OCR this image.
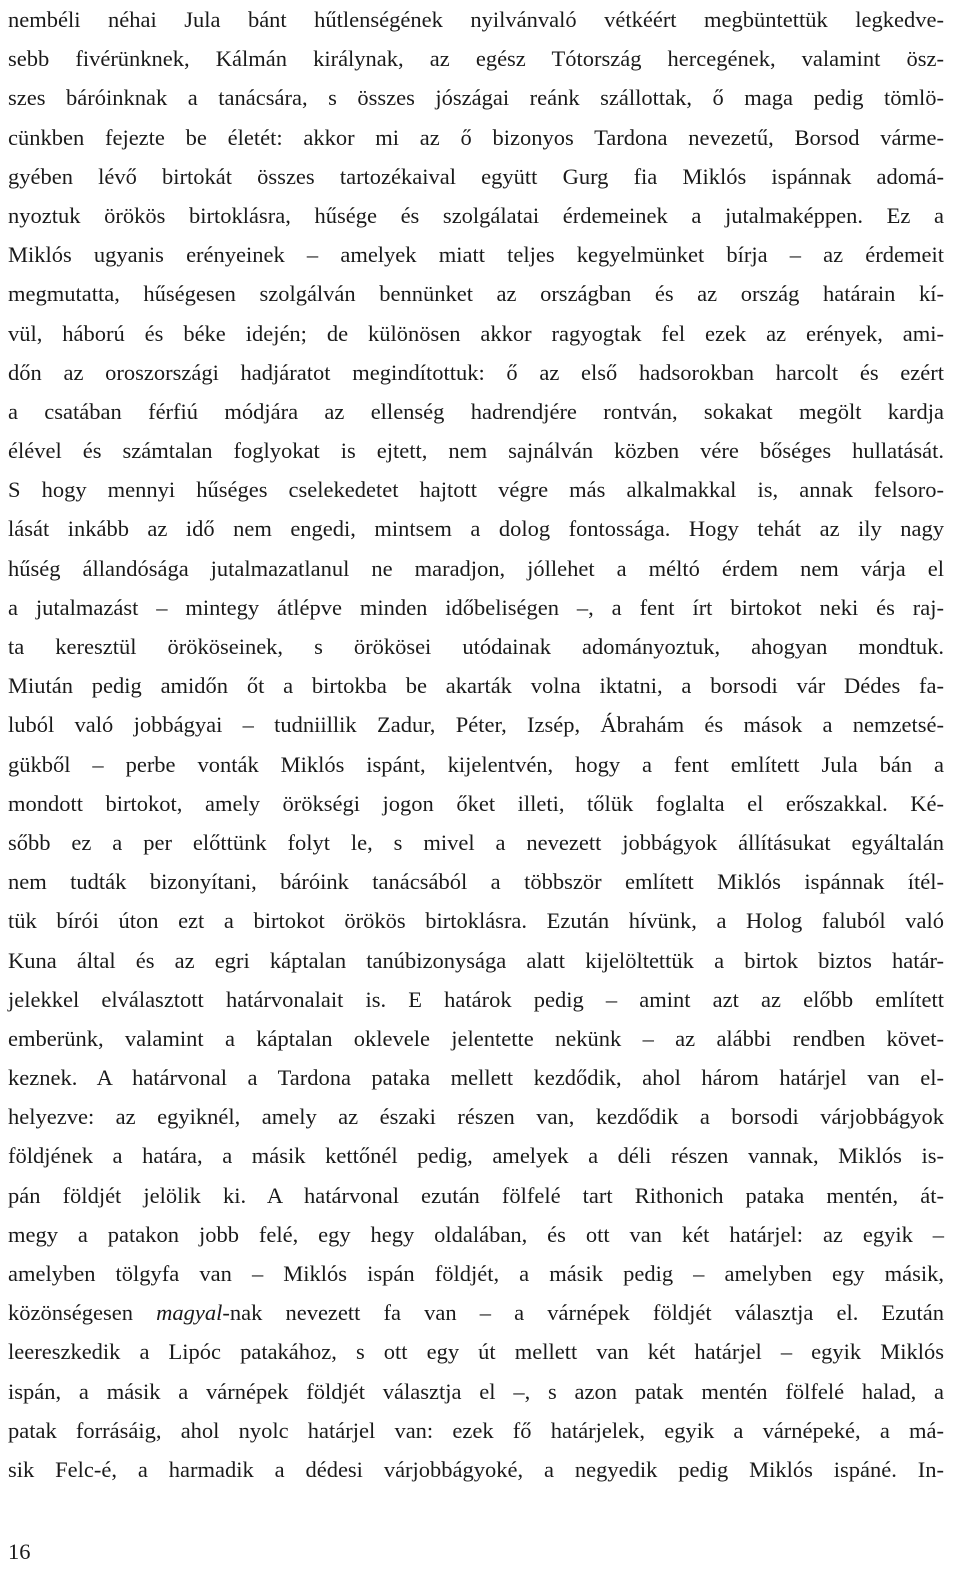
nembéli néhai Jula bánt hűtlenségének nyilvánvaló vétkéért megbüntettük legkedve-
sebb fivérünknek, Kálmán királynak, az egész Tótország hercegének, valamint ösz-
szes báróinknak a tanácsára, s összes jószágai reánk szállottak, ő maga pedig tömlö-
cünkben fejezte be életét: akkor mi az ő bizonyos Tardona nevezetű, Borsod várme-
gyében lévő birtokát összes tartozékaival együtt Gurg fia Miklós ispánnak adomá-
nyoztuk örökös birtoklásra, hűsége és szolgálatai érdemeinek a jutalmaképpen. Ez a
Miklós ugyanis erényeinek – amelyek miatt teljes kegyelmünket bírja – az érdemeit
megmutatta, hűségesen szolgálván bennünket az országban és az ország határain kí-
vül, háború és béke idején; de különösen akkor ragyogtak fel ezek az erények, ami-
dőn az oroszországi hadjáratot megindítottuk: ő az első hadsorokban harcolt és ezért
a csatában férfiú módjára az ellenség hadrendjére rontván, sokakat megölt kardja
élével és számtalan foglyokat is ejtett, nem sajnálván közben vére bőséges hullatását.
S hogy mennyi hűséges cselekedetet hajtott végre más alkalmakkal is, annak felsoro-
lását inkább az idő nem engedi, mintsem a dolog fontossága. Hogy tehát az ily nagy
hűség állandósága jutalmazatlanul ne maradjon, jóllehet a méltó érdem nem várja el
a jutalmazást – mintegy átlépve minden időbeliségen –, a fent írt birtokot neki és raj-
ta keresztül örököseinek, s örökösei utódainak adományoztuk, ahogyan mondtuk.
Miután pedig amidőn őt a birtokba be akarták volna iktatni, a borsodi vár Dédes fa-
luból való jobbágyai – tudniillik Zadur, Péter, Izsép, Ábrahám és mások a nemzetsé-
gükből – perbe vonták Miklós ispánt, kijelentvén, hogy a fent említett Jula bán a
mondott birtokot, amely örökségi jogon őket illeti, tőlük foglalta el erőszakkal. Ké-
sőbb ez a per előttünk folyt le, s mivel a nevezett jobbágyok állításukat egyáltalán
nem tudták bizonyítani, báróink tanácsából a többször említett Miklós ispánnak ítél-
tük bírói úton ezt a birtokot örökös birtoklásra. Ezután hívünk, a Holog faluból való
Kuna által és az egri káptalan tanúbizonysága alatt kijelöltettük a birtok biztos határ-
jelekkel elválasztott határvonalait is. E határok pedig – amint azt az előbb említett
emberünk, valamint a káptalan oklevele jelentette nekünk – az alábbi rendben követ-
keznek. A határvonal a Tardona pataka mellett kezdődik, ahol három határjel van el-
helyezve: az egyiknél, amely az északi részen van, kezdődik a borsodi várjobbágyok
földjének a határa, a másik kettőnél pedig, amelyek a déli részen vannak, Miklós is-
pán földjét jelölik ki. A határvonal ezután fölfelé tart Rithonich pataka mentén, át-
megy a patakon jobb felé, egy hegy oldalában, és ott van két határjel: az egyik –
amelyben tölgyfa van – Miklós ispán földjét, a másik pedig – amelyben egy másik,
közönségesen magyal-nak nevezett fa van – a várnépek földjét választja el. Ezután
leereszkedik a Lipóc patakához, s ott egy út mellett van két határjel – egyik Miklós
ispán, a másik a várnépek földjét választja el –, s azon patak mentén fölfelé halad, a
patak forrásáig, ahol nyolc határjel van: ezek fő határjelek, egyik a várnépeké, a má-
sik Felc-é, a harmadik a dédesi várjobbágyoké, a negyedik pedig Miklós ispáné. In-
16
